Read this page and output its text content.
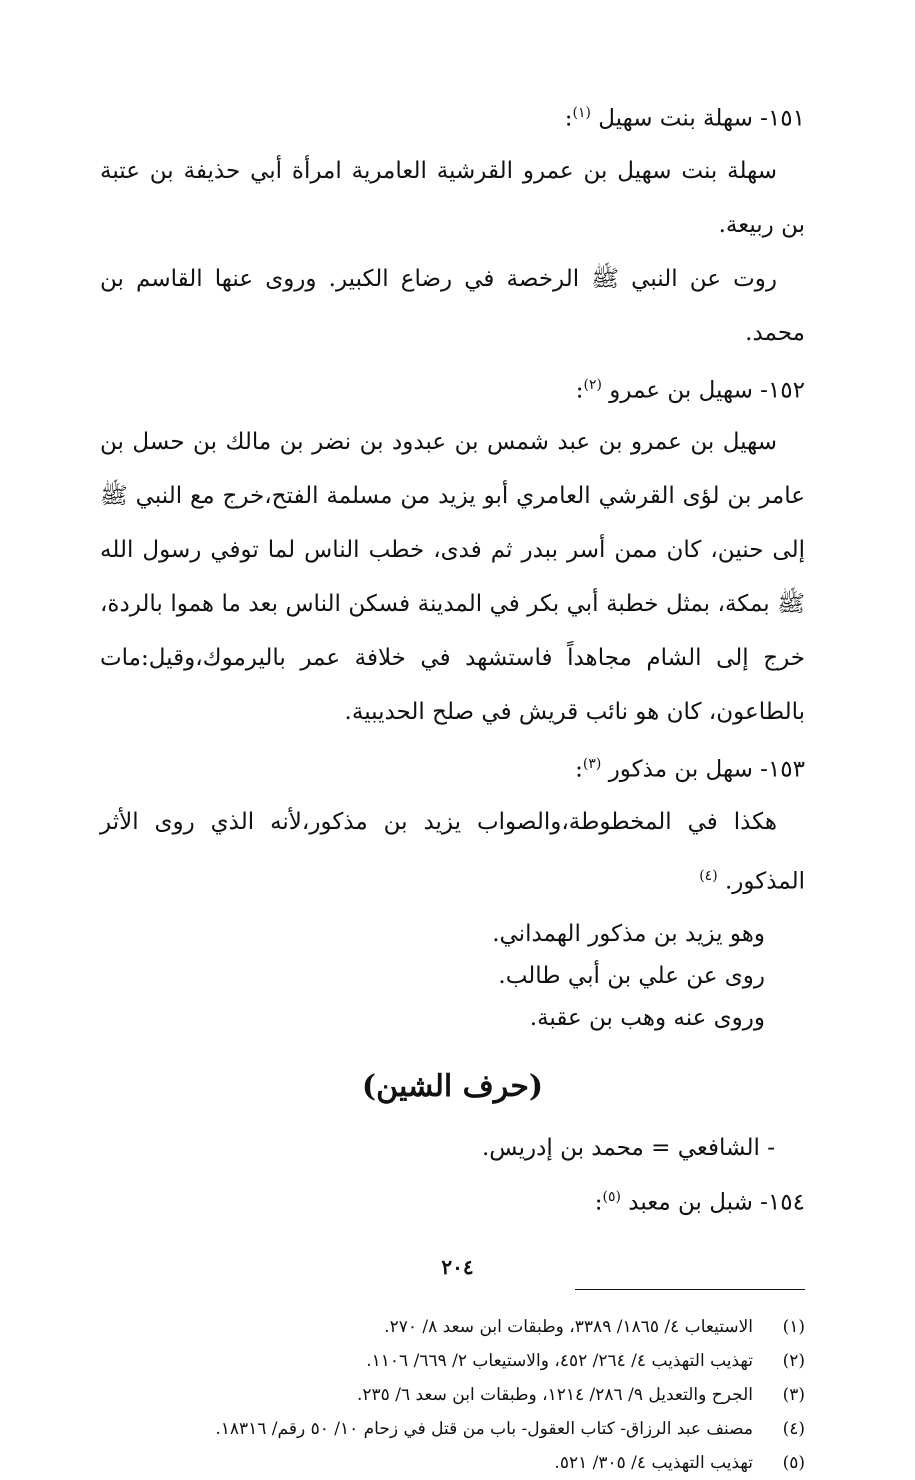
١٥١- سهلة بنت سهيل $^{(١)}$:

سهلة بنت سهيل بن عمرو القرشية العامرية امرأة أبي حذيفة بن عتبة بن ربيعة.

روت عن النبي ﷺ الرخصة في رضاع الكبير. وروى عنها القاسم بن محمد.

١٥٢- سهيل بن عمرو $^{(٢)}$:

سهيل بن عمرو بن عبد شمس بن عبدود بن نضر بن مالك بن حسل بن عامر بن لؤى القرشي العامري أبو يزيد من مسلمة الفتح،خرج مع النبي ﷺ إلى حنين، كان ممن أسر ببدر ثم فدى، خطب الناس لما توفي رسول الله ﷺ بمكة، بمثل خطبة أبي بكر في المدينة فسكن الناس بعد ما هموا بالردة، خرج إلى الشام مجاهداً فاستشهد في خلافة عمر باليرموك،وقيل:مات بالطاعون، كان هو نائب قريش في صلح الحديبية.

١٥٣- سهل بن مذكور $^{(٣)}$:

هكذا في المخطوطة،والصواب يزيد بن مذكور،لأنه الذي روى الأثر المذكور. $^{(٤)}$

وهو يزيد بن مذكور الهمداني.

روى عن علي بن أبي طالب.

وروى عنه وهب بن عقبة.

(حرف الشين)

- الشافعي = محمد بن إدريس.

١٥٤- شبل بن معبد $^{(٥)}$:
(١)
الاستيعاب ٤/ ١٨٦٥/ ٣٣٨٩، وطبقات ابن سعد ٨/ ٢٧٠.
(٢)
تهذيب التهذيب ٤/ ٢٦٤/ ٤٥٢، والاستيعاب ٢/ ٦٦٩/ ١١٠٦.
(٣)
الجرح والتعديل ٩/ ٢٨٦/ ١٢١٤، وطبقات ابن سعد ٦/ ٢٣٥.
(٤)
مصنف عبد الرزاق- كتاب العقول- باب من قتل في زحام ١٠/ ٥٠ رقم/ ١٨٣١٦.
(٥)
تهذيب التهذيب ٤/ ٣٠٥/ ٥٢١.
٢٠٤
